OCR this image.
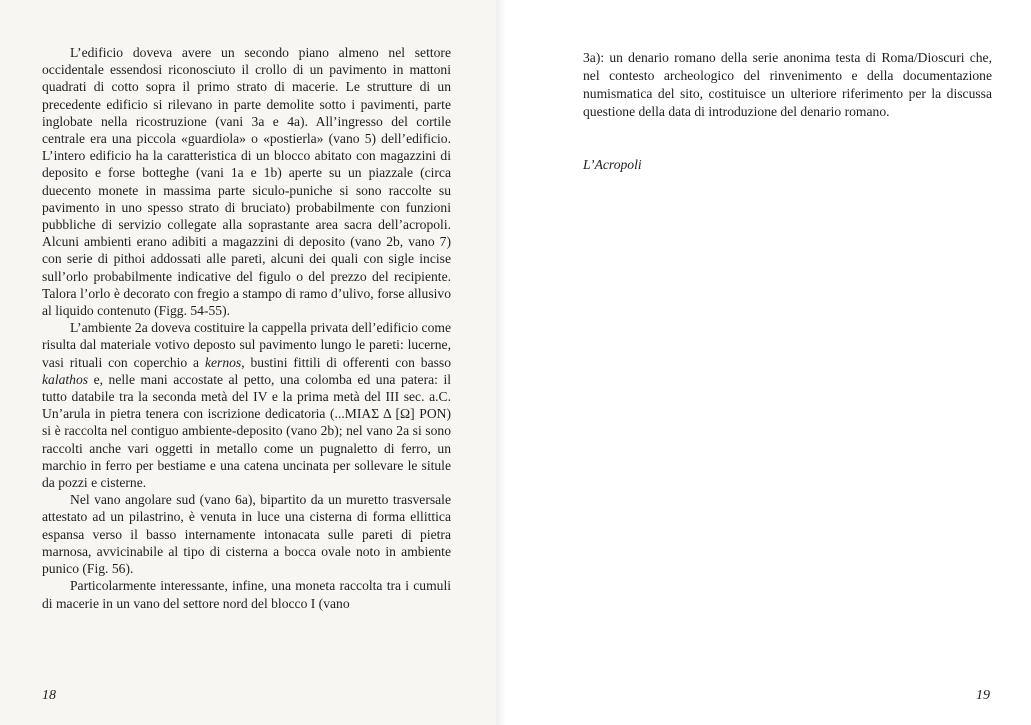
L’edificio doveva avere un secondo piano almeno nel settore occidentale essendosi riconosciuto il crollo di un pavimento in mattoni quadrati di cotto sopra il primo strato di macerie. Le strutture di un precedente edificio si rilevano in parte demolite sotto i pavimenti, parte inglobate nella ricostruzione (vani 3a e 4a). All’ingresso del cortile centrale era una piccola «guardiola» o «postierla» (vano 5) dell’edificio. L’intero edificio ha la caratteristica di un blocco abitato con magazzini di deposito e forse botteghe (vani 1a e 1b) aperte su un piazzale (circa duecento monete in massima parte siculo-puniche si sono raccolte su pavimento in uno spesso strato di bruciato) probabilmente con funzioni pubbliche di servizio collegate alla soprastante area sacra dell’acropoli. Alcuni ambienti erano adibiti a magazzini di deposito (vano 2b, vano 7) con serie di pithoi addossati alle pareti, alcuni dei quali con sigle incise sull’orlo probabilmente indicative del figulo o del prezzo del recipiente. Talora l’orlo è decorato con fregio a stampo di ramo d’ulivo, forse allusivo al liquido contenuto (Figg. 54-55).

L’ambiente 2a doveva costituire la cappella privata dell’edificio come risulta dal materiale votivo deposto sul pavimento lungo le pareti: lucerne, vasi rituali con coperchio a kernos, bustini fittili di offerenti con basso kalathos e, nelle mani accostate al petto, una colomba ed una patera: il tutto databile tra la seconda metà del IV e la prima metà del III sec. a.C. Un’arula in pietra tenera con iscrizione dedicatoria (...ΜΙΑΣ Δ [Ω] ΡΟΝ) si è raccolta nel contiguo ambiente-deposito (vano 2b); nel vano 2a si sono raccolti anche vari oggetti in metallo come un pugnaletto di ferro, un marchio in ferro per bestiame e una catena uncinata per sollevare le situle da pozzi e cisterne.

Nel vano angolare sud (vano 6a), bipartito da un muretto trasversale attestato ad un pilastrino, è venuta in luce una cisterna di forma ellittica espansa verso il basso internamente intonacata sulle pareti di pietra marnosa, avvicinabile al tipo di cisterna a bocca ovale noto in ambiente punico (Fig. 56).

Particolarmente interessante, infine, una moneta raccolta tra i cumuli di macerie in un vano del settore nord del blocco I (vano

18

3a): un denario romano della serie anonima testa di Roma/Dioscuri che, nel contesto archeologico del rinvenimento e della documentazione numismatica del sito, costituisce un ulteriore riferimento per la discussa questione della data di introduzione del denario romano.

L’Acropoli
19
